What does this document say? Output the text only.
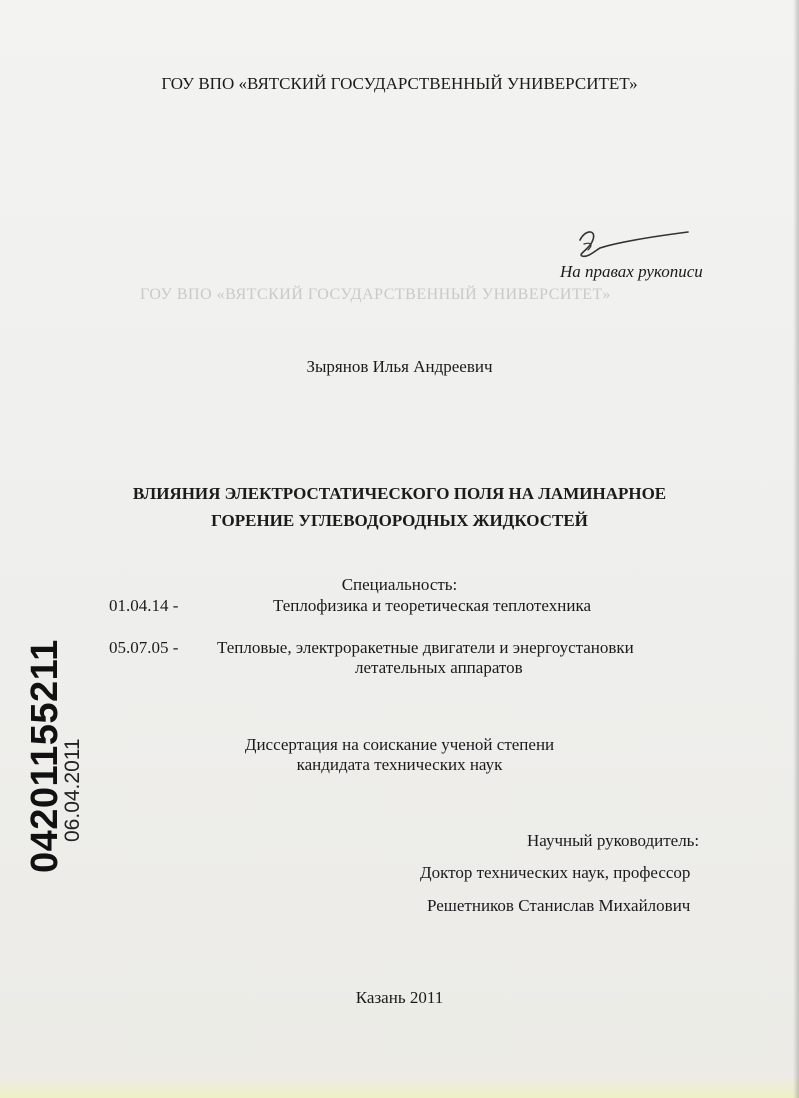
ГОУ ВПО «ВЯТСКИЙ ГОСУДАРСТВЕННЫЙ УНИВЕРСИТЕТ»
ГОУ ВПО «ВЯТСКИЙ ГОСУДАРСТВЕННЫЙ УНИВЕРСИТЕТ»
На правах рукописи
Зырянов Илья Андреевич
ВЛИЯНИЯ ЭЛЕКТРОСТАТИЧЕСКОГО ПОЛЯ НА ЛАМИНАРНОЕ
ГОРЕНИЕ УГЛЕВОДОРОДНЫХ ЖИДКОСТЕЙ
Специальность:
01.04.14 -	Теплофизика и теоретическая теплотехника
05.07.05 - Тепловые, электроракетные двигатели и энергоустановки
летательных аппаратов
Диссертация на соискание ученой степени
кандидата технических наук
Научный руководитель:
Доктор технических наук, профессор
Решетников Станислав Михайлович
Казань 2011
04201155211
06.04.2011
